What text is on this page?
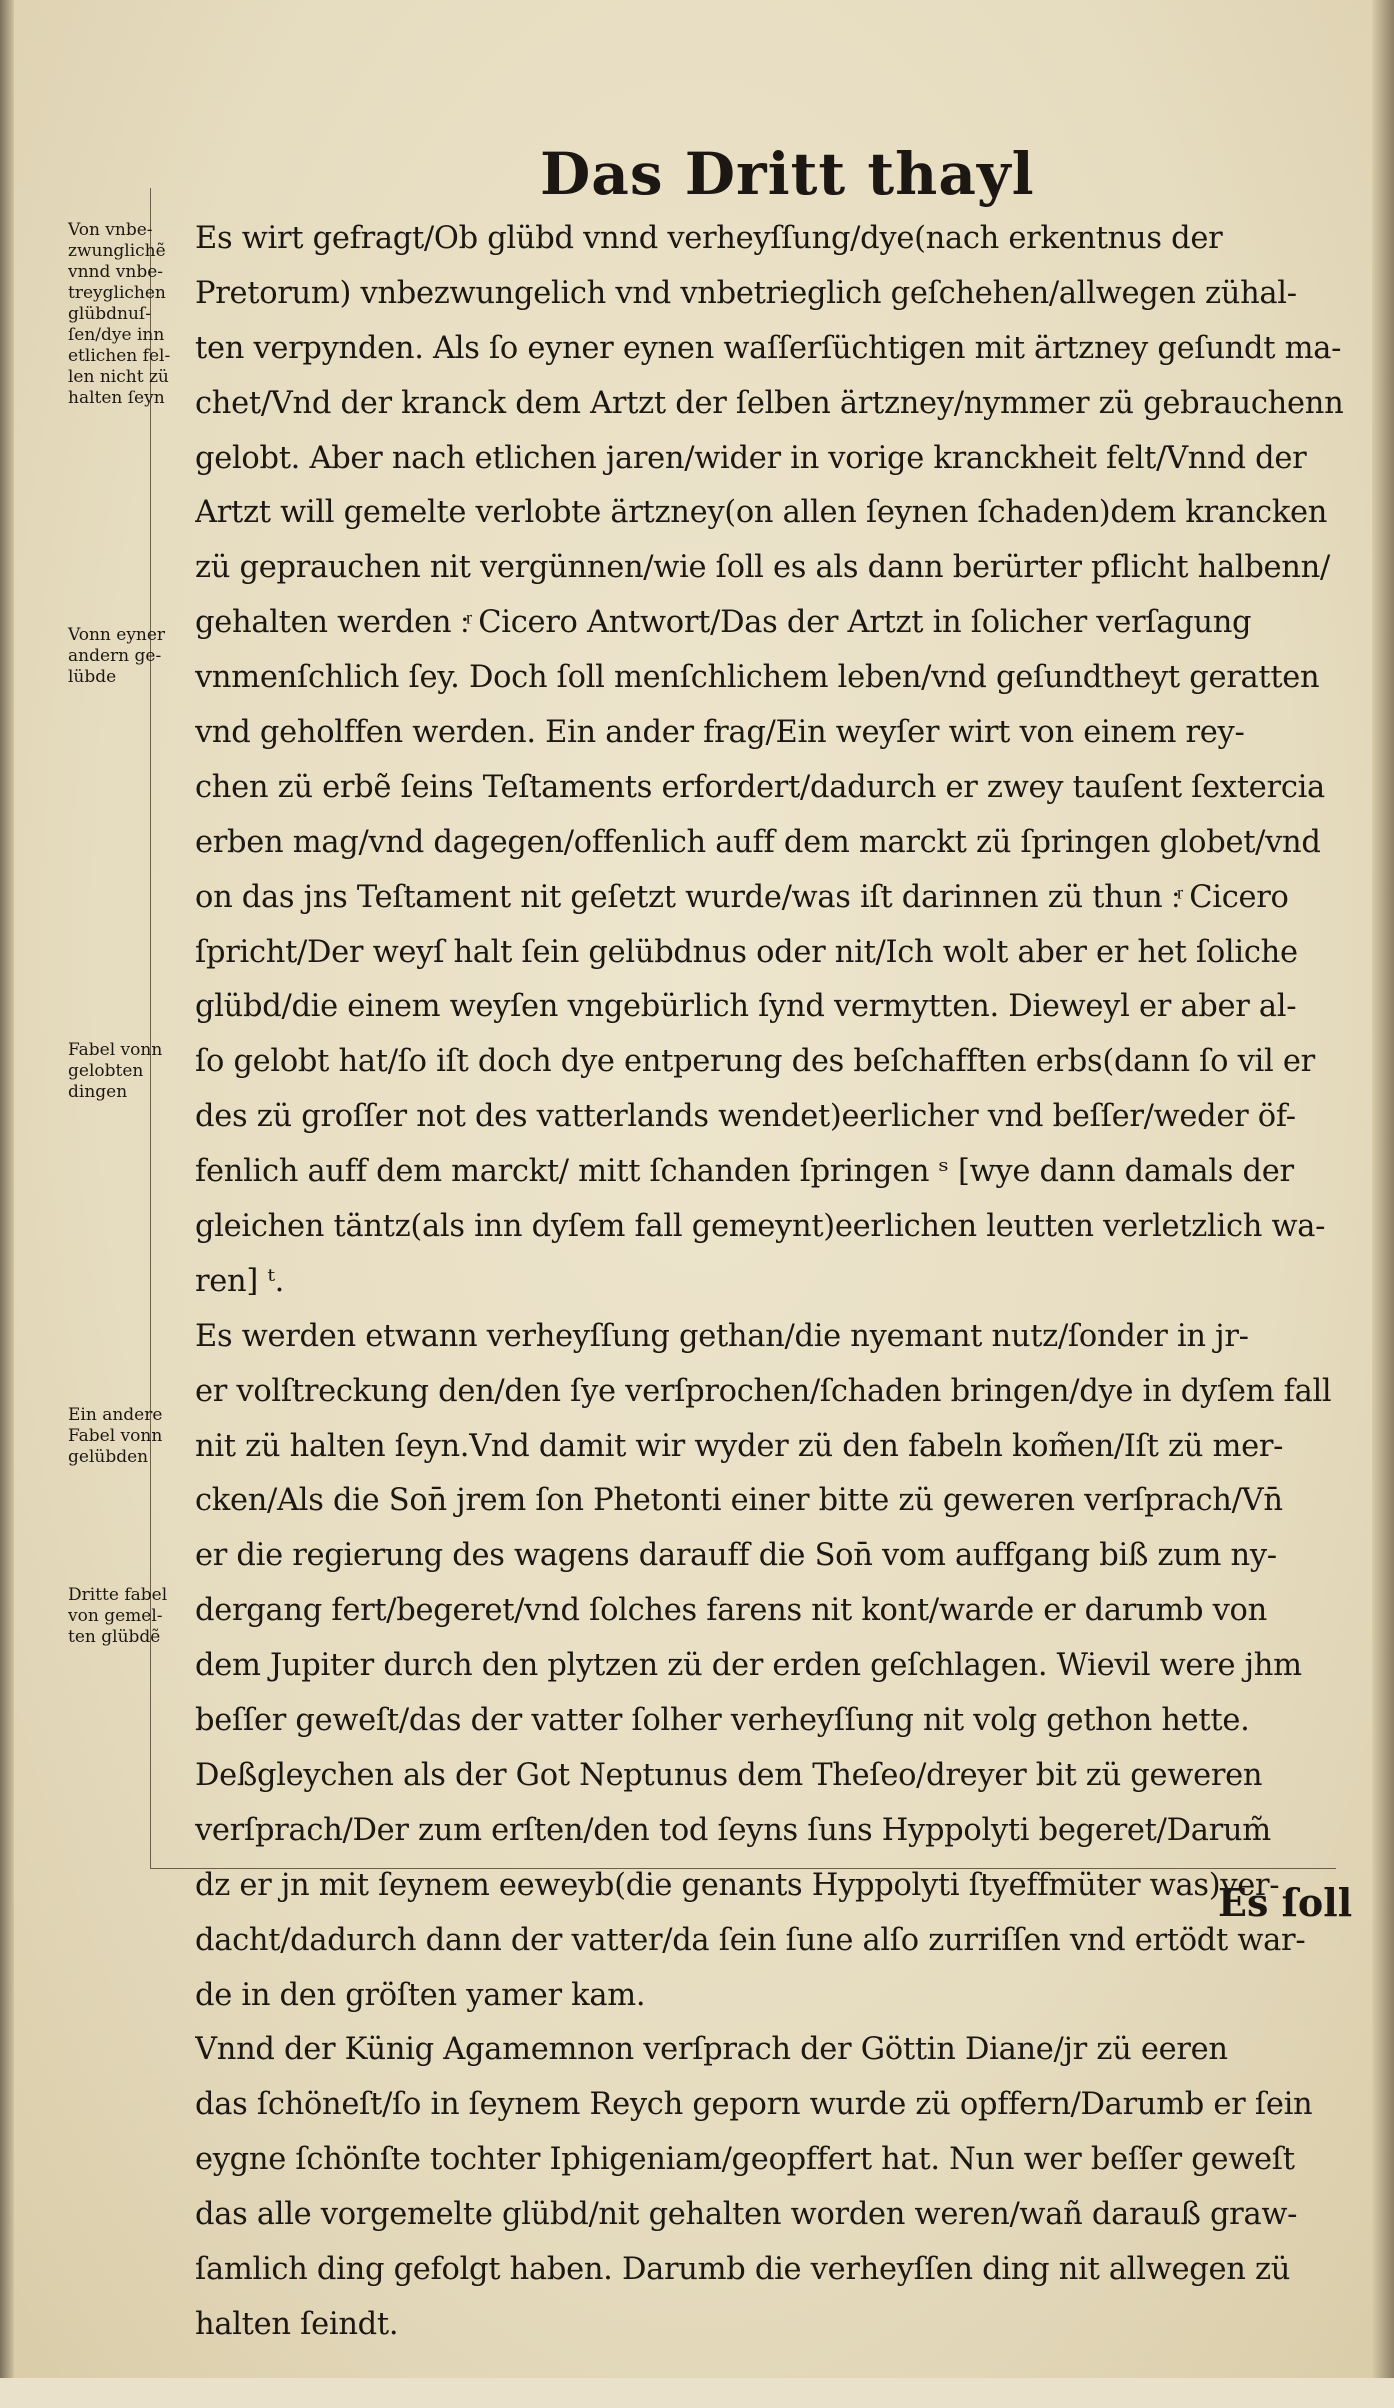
Das Dritt thayl
Von vnbe-
zwunglichẽ
vnnd vnbe-
treyglichen
glübdnuſ-
ſen/dye inn
etlichen fel-
len nicht zü
halten ſeyn
Vonn eyner
andern ge-
lübde
Fabel vonn
gelobten
dingen
Ein andere
Fabel vonn
gelübden
Dritte fabel
von gemel-
ten glübdẽ
Es wirt gefragt/Ob glübd vnnd verheyſſung/dye(nach erkentnus der
Pretorum) vnbezwungelich vnd vnbetrieglich geſchehen/allwegen zühal-
ten verpynden. Als ſo eyner eynen waſſerſüchtigen mit ärtzney geſundt ma-
chet/Vnd der kranck dem Artzt der ſelben ärtzney/nymmer zü gebrauchenn
gelobt. Aber nach etlichen jaren/wider in vorige kranckheit felt/Vnnd der
Artzt will gemelte verlobte ärtzney(on allen ſeynen ſchaden)dem krancken
zü geprauchen nit vergünnen/wie ſoll es als dann berürter pflicht halbenn/
gehalten werden :ͬ Cicero Antwort/Das der Artzt in ſolicher verſagung
vnmenſchlich ſey. Doch ſoll menſchlichem leben/vnd geſundtheyt geratten
vnd geholffen werden. Ein ander frag/Ein weyſer wirt von einem rey-
chen zü erbẽ ſeins Teſtaments erfordert/dadurch er zwey tauſent ſextercia
erben mag/vnd dagegen/offenlich auff dem marckt zü ſpringen globet/vnd
on das jns Teſtament nit geſetzt wurde/was iſt darinnen zü thun :ͬ Cicero
ſpricht/Der weyſ halt ſein gelübdnus oder nit/Ich wolt aber er het ſoliche
glübd/die einem weyſen vngebürlich ſynd vermytten. Dieweyl er aber al-
ſo gelobt hat/ſo iſt doch dye entperung des beſchafften erbs(dann ſo vil er
des zü groſſer not des vatterlands wendet)eerlicher vnd beſſer/weder öf-
fenlich auff dem marckt/ mitt ſchanden ſpringen ˢ [wye dann damals der
gleichen täntz(als inn dyſem fall gemeynt)eerlichen leutten verletzlich wa-
ren] ᵗ.
Es werden etwann verheyſſung gethan/die nyemant nutz/ſonder in jr-
er volſtreckung den/den ſye verſprochen/ſchaden bringen/dye in dyſem fall
nit zü halten ſeyn.Vnd damit wir wyder zü den fabeln kom̃en/Iſt zü mer-
cken/Als die Son̄ jrem ſon Phetonti einer bitte zü geweren verſprach/Vn̄
er die regierung des wagens darauff die Son̄ vom auffgang biß zum ny-
dergang fert/begeret/vnd ſolches farens nit kont/warde er darumb von
dem Jupiter durch den plytzen zü der erden geſchlagen. Wievil were jhm
beſſer geweſt/das der vatter ſolher verheyſſung nit volg gethon hette.
Deßgleychen als der Got Neptunus dem Theſeo/dreyer bit zü geweren
verſprach/Der zum erſten/den tod ſeyns ſuns Hyppolyti begeret/Darum̃
dz er jn mit ſeynem eeweyb(die genants Hyppolyti ſtyeffmüter was)ver-
dacht/dadurch dann der vatter/da ſein ſune alſo zurriſſen vnd ertödt war-
de in den gröſten yamer kam.
Vnnd der Künig Agamemnon verſprach der Göttin Diane/jr zü eeren
das ſchöneſt/ſo in ſeynem Reych geporn wurde zü opffern/Darumb er ſein
eygne ſchönſte tochter Iphigeniam/geopffert hat. Nun wer beſſer geweſt
das alle vorgemelte glübd/nit gehalten worden weren/wañ darauß graw-
ſamlich ding gefolgt haben. Darumb die verheyſſen ding nit allwegen zü
halten ſeindt.
Es ſoll
